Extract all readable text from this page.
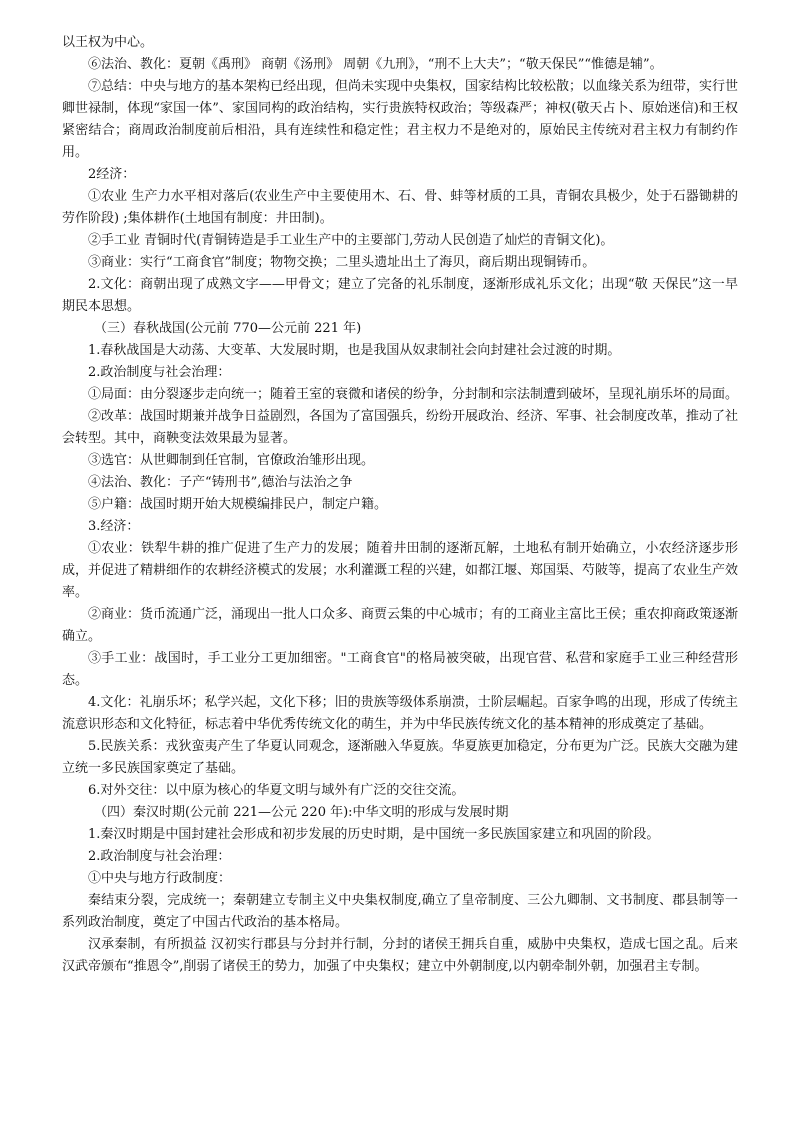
以王权为中心。

⑥法治、教化：夏朝《禹刑》 商朝《汤刑》 周朝《九刑》，“刑不上大夫”；“敬天保民”“惟德是辅”。

⑦总结：中央与地方的基本架构已经出现，但尚未实现中央集权，国家结构比较松散；以血缘关系为纽带，实行世卿世禄制，体现“家国一体”、家国同构的政治结构，实行贵族特权政治；等级森严；神权(敬天占卜、原始迷信)和王权紧密结合；商周政治制度前后相沿，具有连续性和稳定性；君主权力不是绝对的，原始民主传统对君主权力有制约作用。

2经济：

①农业 生产力水平相对落后(农业生产中主要使用木、石、骨、蚌等材质的工具，青铜农具极少，处于石器锄耕的劳作阶段) ;集体耕作(土地国有制度：井田制)。

②手工业 青铜时代(青铜铸造是手工业生产中的主要部门,劳动人民创造了灿烂的青铜文化)。

③商业：实行“工商食官”制度；物物交换；二里头遗址出土了海贝，商后期出现铜铸币。

2.文化：商朝出现了成熟文字——甲骨文；建立了完备的礼乐制度，逐渐形成礼乐文化；出现“敬 天保民”这一早期民本思想。

（三）春秋战国(公元前 770—公元前 221 年)

1.春秋战国是大动荡、大变革、大发展时期，也是我国从奴隶制社会向封建社会过渡的时期。

2.政治制度与社会治理：

①局面：由分裂逐步走向统一；随着王室的衰微和诸侯的纷争，分封制和宗法制遭到破坏，呈现礼崩乐坏的局面。

②改革：战国时期兼并战争日益剧烈，各国为了富国强兵，纷纷开展政治、经济、军事、社会制度改革，推动了社会转型。其中，商鞅变法效果最为显著。

③选官：从世卿制到任官制，官僚政治雏形出现。

④法治、教化：子产“铸刑书”,德治与法治之争

⑤户籍：战国时期开始大规模编排民户，制定户籍。

3.经济：

①农业：铁犁牛耕的推广促进了生产力的发展；随着井田制的逐渐瓦解，土地私有制开始确立，小农经济逐步形成，并促进了精耕细作的农耕经济模式的发展；水利灌溉工程的兴建，如都江堰、郑国渠、芍陂等，提高了农业生产效率。

②商业：货币流通广泛，涌现出一批人口众多、商贾云集的中心城市；有的工商业主富比王侯；重农抑商政策逐渐确立。

③手工业：战国时，手工业分工更加细密。"工商食官"的格局被突破，出现官营、私营和家庭手工业三种经营形态。

4.文化：礼崩乐坏；私学兴起，文化下移；旧的贵族等级体系崩溃，士阶层崛起。百家争鸣的出现，形成了传统主流意识形态和文化特征，标志着中华优秀传统文化的萌生，并为中华民族传统文化的基本精神的形成奠定了基础。

5.民族关系：戎狄蛮夷产生了华夏认同观念，逐渐融入华夏族。华夏族更加稳定，分布更为广泛。民族大交融为建立统一多民族国家奠定了基础。

6.对外交往：以中原为核心的华夏文明与域外有广泛的交往交流。

（四）秦汉时期(公元前 221—公元 220 年):中华文明的形成与发展时期

1.秦汉时期是中国封建社会形成和初步发展的历史时期，是中国统一多民族国家建立和巩固的阶段。

2.政治制度与社会治理：

①中央与地方行政制度：

秦结束分裂，完成统一；秦朝建立专制主义中央集权制度,确立了皇帝制度、三公九卿制、文书制度、郡县制等一系列政治制度，奠定了中国古代政治的基本格局。

汉承秦制，有所损益 汉初实行郡县与分封并行制，分封的诸侯王拥兵自重，威胁中央集权，造成七国之乱。后来汉武帝颁布“推恩令”,削弱了诸侯王的势力，加强了中央集权；建立中外朝制度,以内朝牵制外朝，加强君主专制。
